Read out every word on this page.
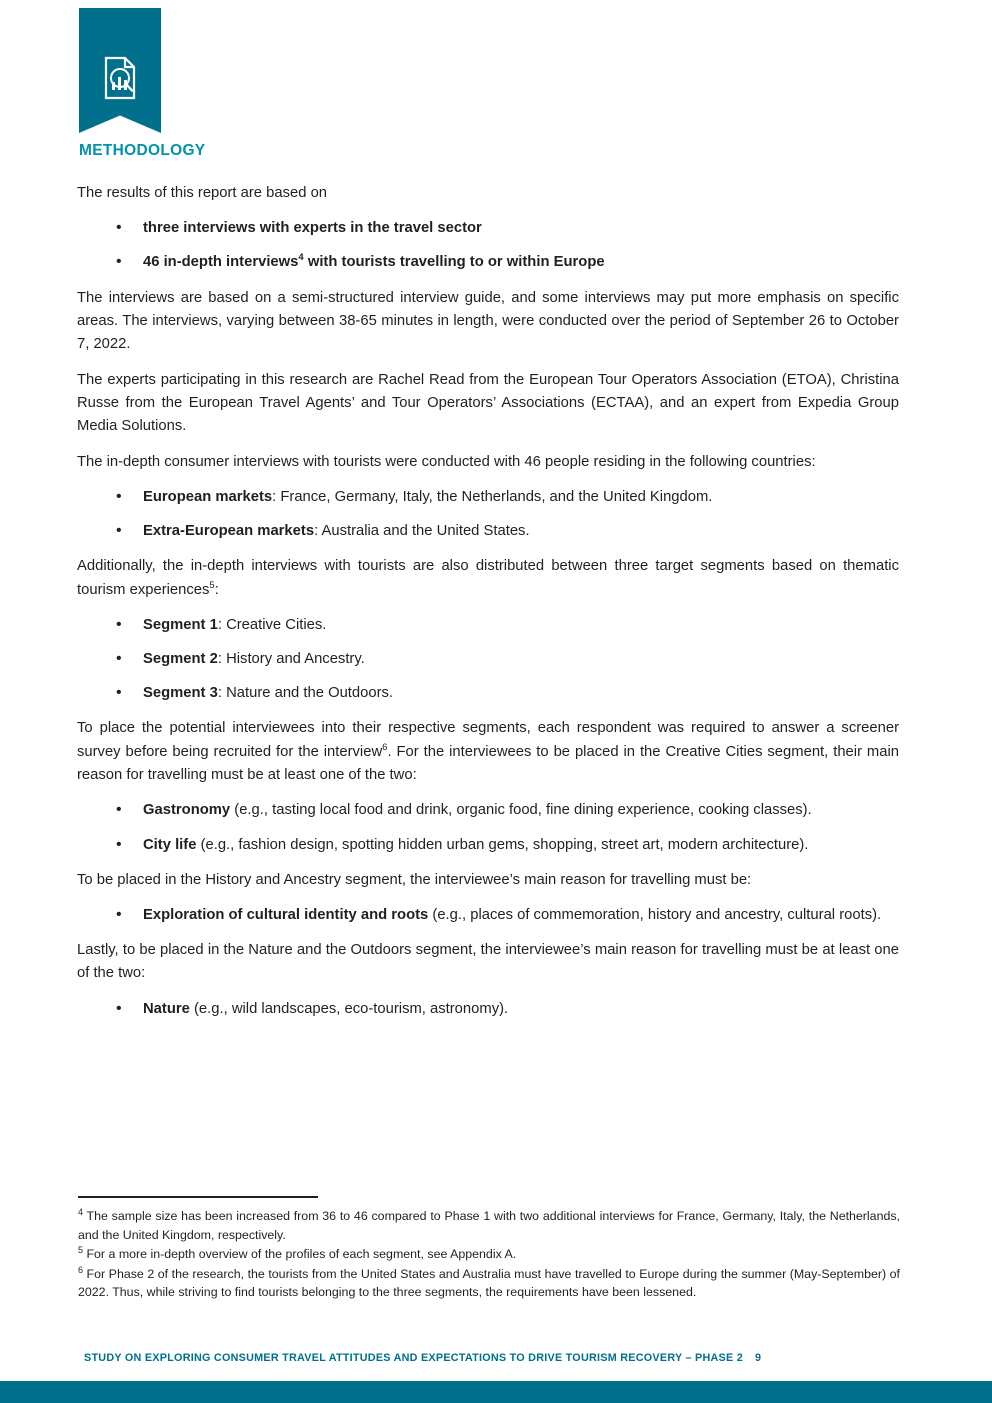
METHODOLOGY

The results of this report are based on

• three interviews with experts in the travel sector
• 46 in-depth interviews$^4$ with tourists travelling to or within Europe

The interviews are based on a semi-structured interview guide, and some interviews may put more emphasis on specific areas. The interviews, varying between 38-65 minutes in length, were conducted over the period of September 26 to October 7, 2022.

The experts participating in this research are Rachel Read from the European Tour Operators Association (ETOA), Christina Russe from the European Travel Agents’ and Tour Operators’ Associations (ECTAA), and an expert from Expedia Group Media Solutions.

The in-depth consumer interviews with tourists were conducted with 46 people residing in the following countries:

• European markets: France, Germany, Italy, the Netherlands, and the United Kingdom.
• Extra-European markets: Australia and the United States.

Additionally, the in-depth interviews with tourists are also distributed between three target segments based on thematic tourism experiences$^5$:

• Segment 1: Creative Cities.
• Segment 2: History and Ancestry.
• Segment 3: Nature and the Outdoors.

To place the potential interviewees into their respective segments, each respondent was required to answer a screener survey before being recruited for the interview$^6$. For the interviewees to be placed in the Creative Cities segment, their main reason for travelling must be at least one of the two:

• Gastronomy (e.g., tasting local food and drink, organic food, fine dining experience, cooking classes).
• City life (e.g., fashion design, spotting hidden urban gems, shopping, street art, modern architecture).

To be placed in the History and Ancestry segment, the interviewee’s main reason for travelling must be:

• Exploration of cultural identity and roots (e.g., places of commemoration, history and ancestry, cultural roots).

Lastly, to be placed in the Nature and the Outdoors segment, the interviewee’s main reason for travelling must be at least one of the two:

• Nature (e.g., wild landscapes, eco-tourism, astronomy).

$^4$ The sample size has been increased from 36 to 46 compared to Phase 1 with two additional interviews for France, Germany, Italy, the Netherlands, and the United Kingdom, respectively.

$^5$ For a more in-depth overview of the profiles of each segment, see Appendix A.

$^6$ For Phase 2 of the research, the tourists from the United States and Australia must have travelled to Europe during the summer (May-September) of 2022. Thus, while striving to find tourists belonging to the three segments, the requirements have been lessened.

STUDY ON EXPLORING CONSUMER TRAVEL ATTITUDES AND EXPECTATIONS TO DRIVE TOURISM RECOVERY – PHASE 2 9
